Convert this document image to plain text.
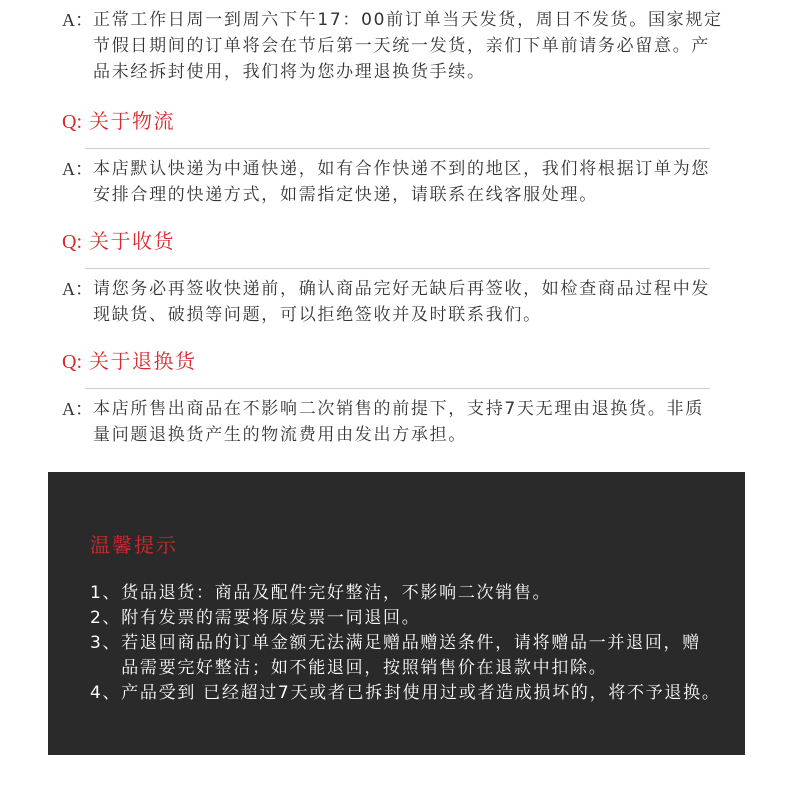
A： 正常工作日周一到周六下午17：00前订单当天发货，周日不发货。国家规定
节假日期间的订单将会在节后第一天统一发货，亲们下单前请务必留意。产
品未经拆封使用，我们将为您办理退换货手续。
Q: 关于物流
A： 本店默认快递为中通快递，如有合作快递不到的地区，我们将根据订单为您
安排合理的快递方式，如需指定快递，请联系在线客服处理。
Q: 关于收货
A： 请您务必再签收快递前，确认商品完好无缺后再签收，如检查商品过程中发
现缺货、破损等问题，可以拒绝签收并及时联系我们。
Q: 关于退换货
A： 本店所售出商品在不影响二次销售的前提下，支持7天无理由退换货。非质
量问题退换货产生的物流费用由发出方承担。
温馨提示
1、 货品退货：商品及配件完好整洁，不影响二次销售。
2、 附有发票的需要将原发票一同退回。
3、 若退回商品的订单金额无法满足赠品赠送条件，请将赠品一并退回，赠
品需要完好整洁；如不能退回，按照销售价在退款中扣除。
4、 产品受到 已经超过7天或者已拆封使用过或者造成损坏的，将不予退换。
